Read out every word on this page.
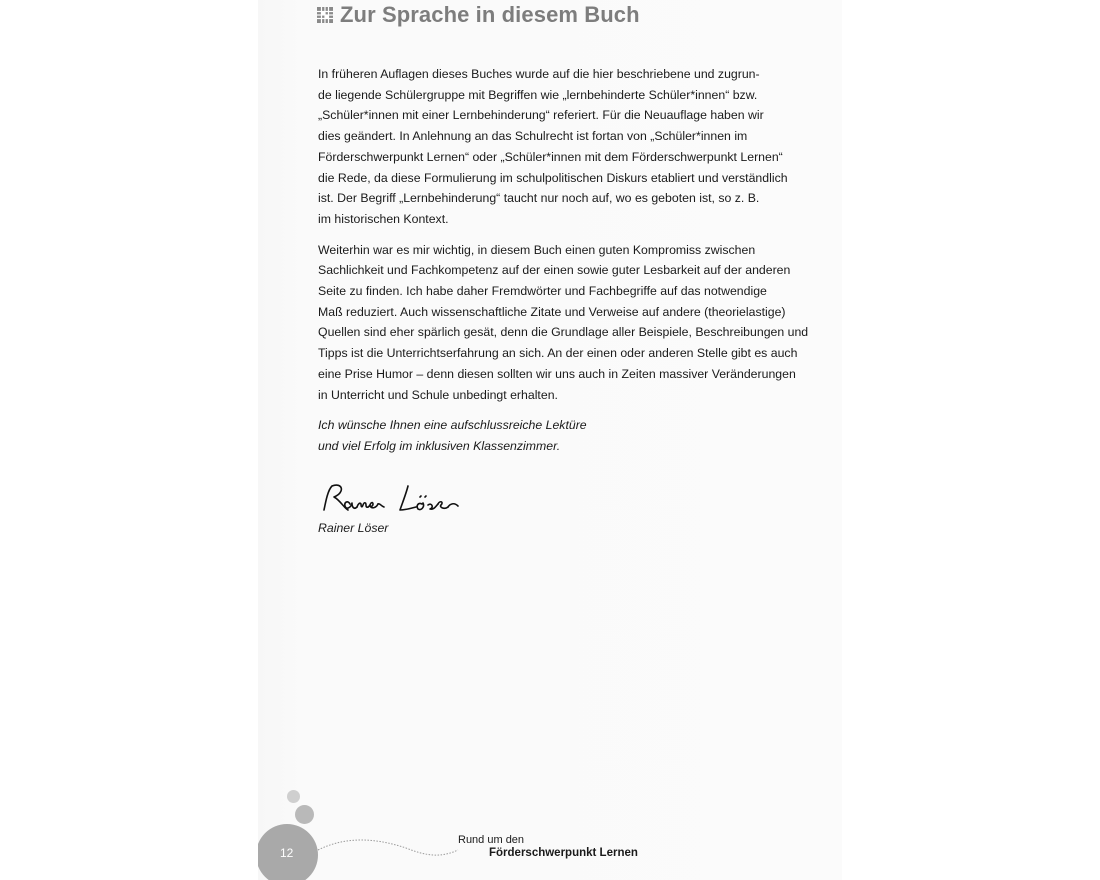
Zur Sprache in diesem Buch

In früheren Auflagen dieses Buches wurde auf die hier beschriebene und zugrun-
de liegende Schülergruppe mit Begriffen wie „lernbehinderte Schüler*innen“ bzw.
„Schüler*innen mit einer Lernbehinderung“ referiert. Für die Neuauflage haben wir
dies geändert. In Anlehnung an das Schulrecht ist fortan von „Schüler*innen im
Förderschwerpunkt Lernen“ oder „Schüler*innen mit dem Förderschwerpunkt Lernen“
die Rede, da diese Formulierung im schulpolitischen Diskurs etabliert und verständlich
ist. Der Begriff „Lernbehinderung“ taucht nur noch auf, wo es geboten ist, so z. B.
im historischen Kontext.

Weiterhin war es mir wichtig, in diesem Buch einen guten Kompromiss zwischen
Sachlichkeit und Fachkompetenz auf der einen sowie guter Lesbarkeit auf der anderen
Seite zu finden. Ich habe daher Fremdwörter und Fachbegriffe auf das notwendige
Maß reduziert. Auch wissenschaftliche Zitate und Verweise auf andere (theorielastige)
Quellen sind eher spärlich gesät, denn die Grundlage aller Beispiele, Beschreibungen und
Tipps ist die Unterrichtserfahrung an sich. An der einen oder anderen Stelle gibt es auch
eine Prise Humor – denn diesen sollten wir uns auch in Zeiten massiver Veränderungen
in Unterricht und Schule unbedingt erhalten.

Ich wünsche Ihnen eine aufschlussreiche Lektüre
und viel Erfolg im inklusiven Klassenzimmer.

Rainer Löser
12
Rund um den
Förderschwerpunkt Lernen
